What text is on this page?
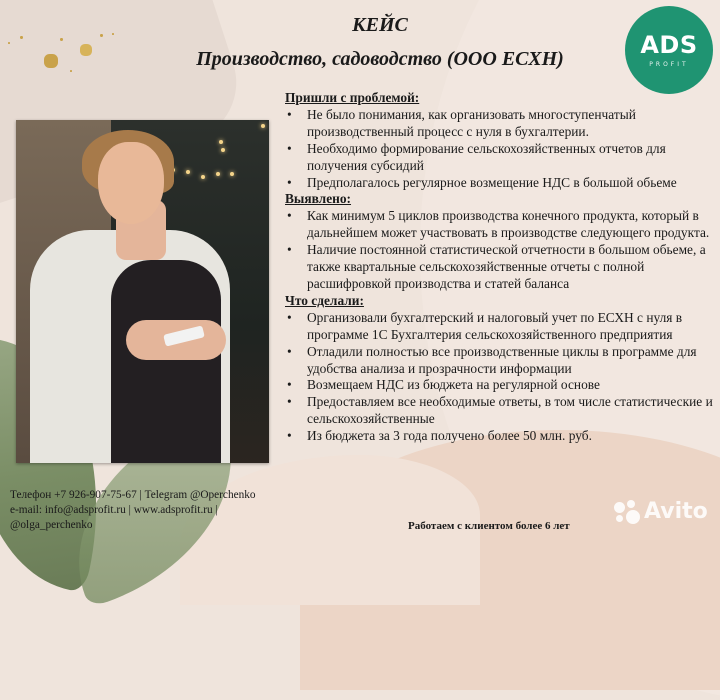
КЕЙС
Производство, садоводство (ООО ЕСХН)
ADS
PROFIT
Пришли с проблемой:
• Не было понимания, как организовать многоступенчатый производственный процесс с нуля в бухгалтерии.
• Необходимо формирование сельскохозяйственных отчетов для получения субсидий
• Предполагалось регулярное возмещение НДС в большой обьеме
Выявлено:
• Как минимум 5 циклов производства конечного продукта, который в дальнейшем может участвовать в производстве следующего продукта.
• Наличие постоянной статистической отчетности в большом обьеме, а также квартальные сельскохозяйственные отчеты с полной расшифровкой производства и статей баланса
Что сделали:
• Организовали бухгалтерский и налоговый учет по ЕСХН с нуля в программе 1С Бухгалтерия сельскохозяйственного предприятия
• Отладили полностью все производственные циклы в программе для удобства анализа и прозрачности информации
• Возмещаем НДС из бюджета на регулярной основе
• Предоставляем все необходимые ответы, в том числе статистические и сельскохозяйственные
• Из бюджета за 3 года получено более 50 млн. руб.
Телефон +7 926-907-75-67 | Telegram @Operchenko
e-mail: info@adsprofit.ru | www.adsprofit.ru |
@olga_perchenko	Работаем с клиентом более 6 лет
Avito
